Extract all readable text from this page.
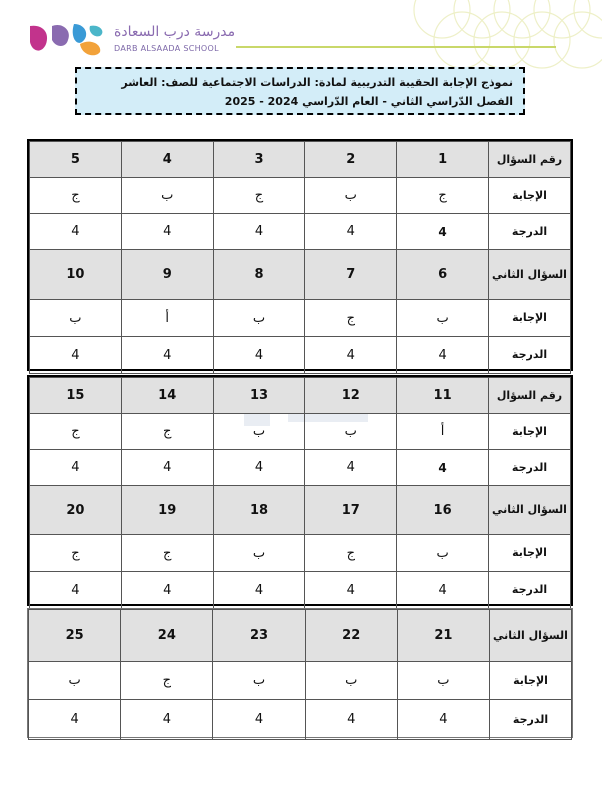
مدرسة درب السعادة
DARB ALSAADA SCHOOL
نموذج الإجابة الحقيبة التدريبية لمادة: الدراسات الاجتماعية للصف: العاشر
الفصل الدّراسي الثاني - العام الدّراسي 2024 - 2025
رقم السؤال	1	2	3	4	5
الإجابة	ج	ب	ج	ب	ج
الدرجة	4	4	4	4	4
السؤال الثاني	6	7	8	9	10
الإجابة	ب	ج	ب	أ	ب
الدرجة	4	4	4	4	4
رقم السؤال	11	12	13	14	15
الإجابة	أ	ب	ب	ج	ج
الدرجة	4	4	4	4	4
السؤال الثاني	16	17	18	19	20
الإجابة	ب	ج	ب	ج	ج
الدرجة	4	4	4	4	4
السؤال الثاني	21	22	23	24	25
الإجابة	ب	ب	ب	ج	ب
الدرجة	4	4	4	4	4
